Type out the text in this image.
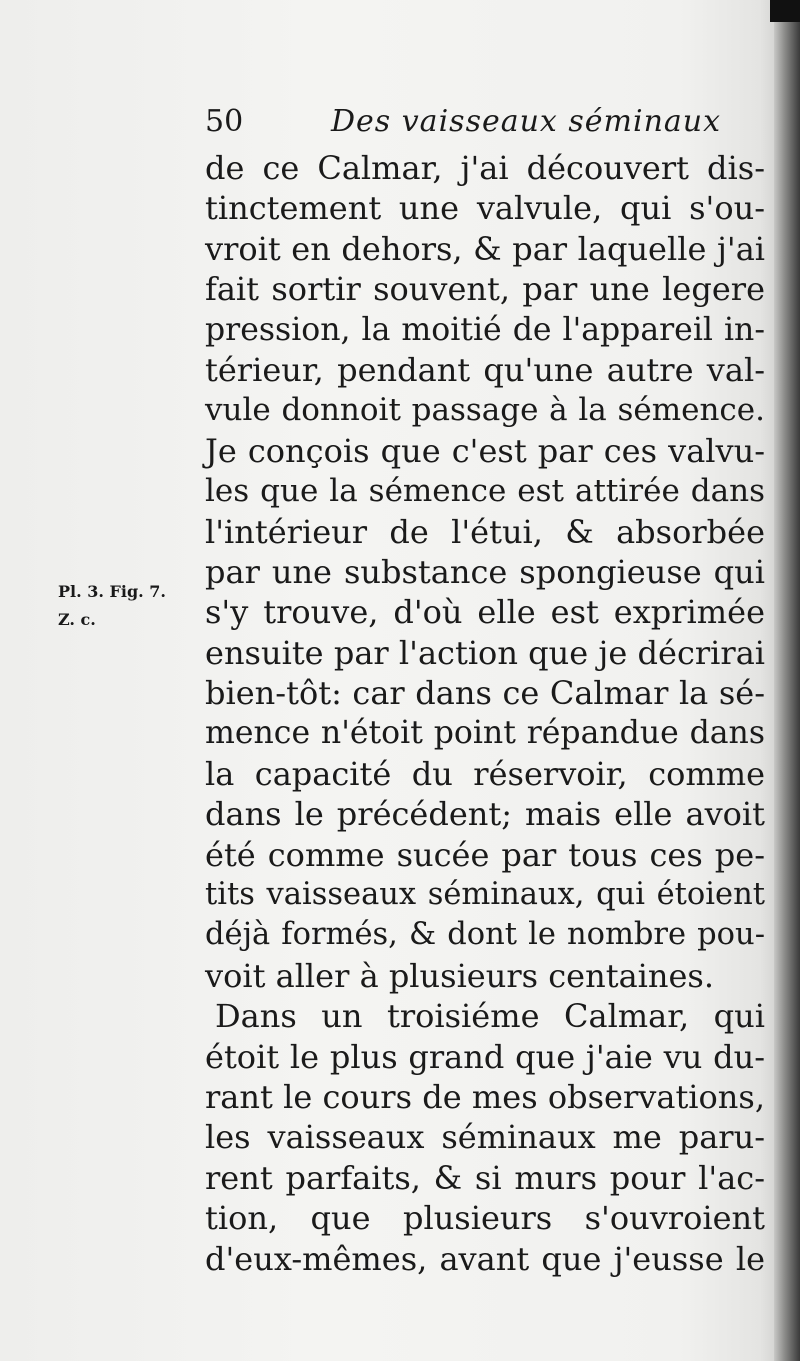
50	Des vaisseaux séminaux
Pl. 3. Fig. 7.
Z. c.
de ce Calmar, j'ai découvert dis-
tinctement une valvule, qui s'ou-
vroit en dehors, & par laquelle j'ai
fait sortir souvent, par une legere
pression, la moitié de l'appareil in-
térieur, pendant qu'une autre val-
vule donnoit passage à la sémence.
Je conçois que c'est par ces valvu-
les que la sémence est attirée dans
l'intérieur de l'étui, & absorbée
par une substance spongieuse qui
s'y trouve, d'où elle est exprimée
ensuite par l'action que je décrirai
bien-tôt: car dans ce Calmar la sé-
mence n'étoit point répandue dans
la capacité du réservoir, comme
dans le précédent; mais elle avoit
été comme sucée par tous ces pe-
tits vaisseaux séminaux, qui étoient
déjà formés, & dont le nombre pou-
voit aller à plusieurs centaines.
Dans un troisiéme Calmar, qui
étoit le plus grand que j'aie vu du-
rant le cours de mes observations,
les vaisseaux séminaux me paru-
rent parfaits, & si murs pour l'ac-
tion, que plusieurs s'ouvroient
d'eux-mêmes, avant que j'eusse le
